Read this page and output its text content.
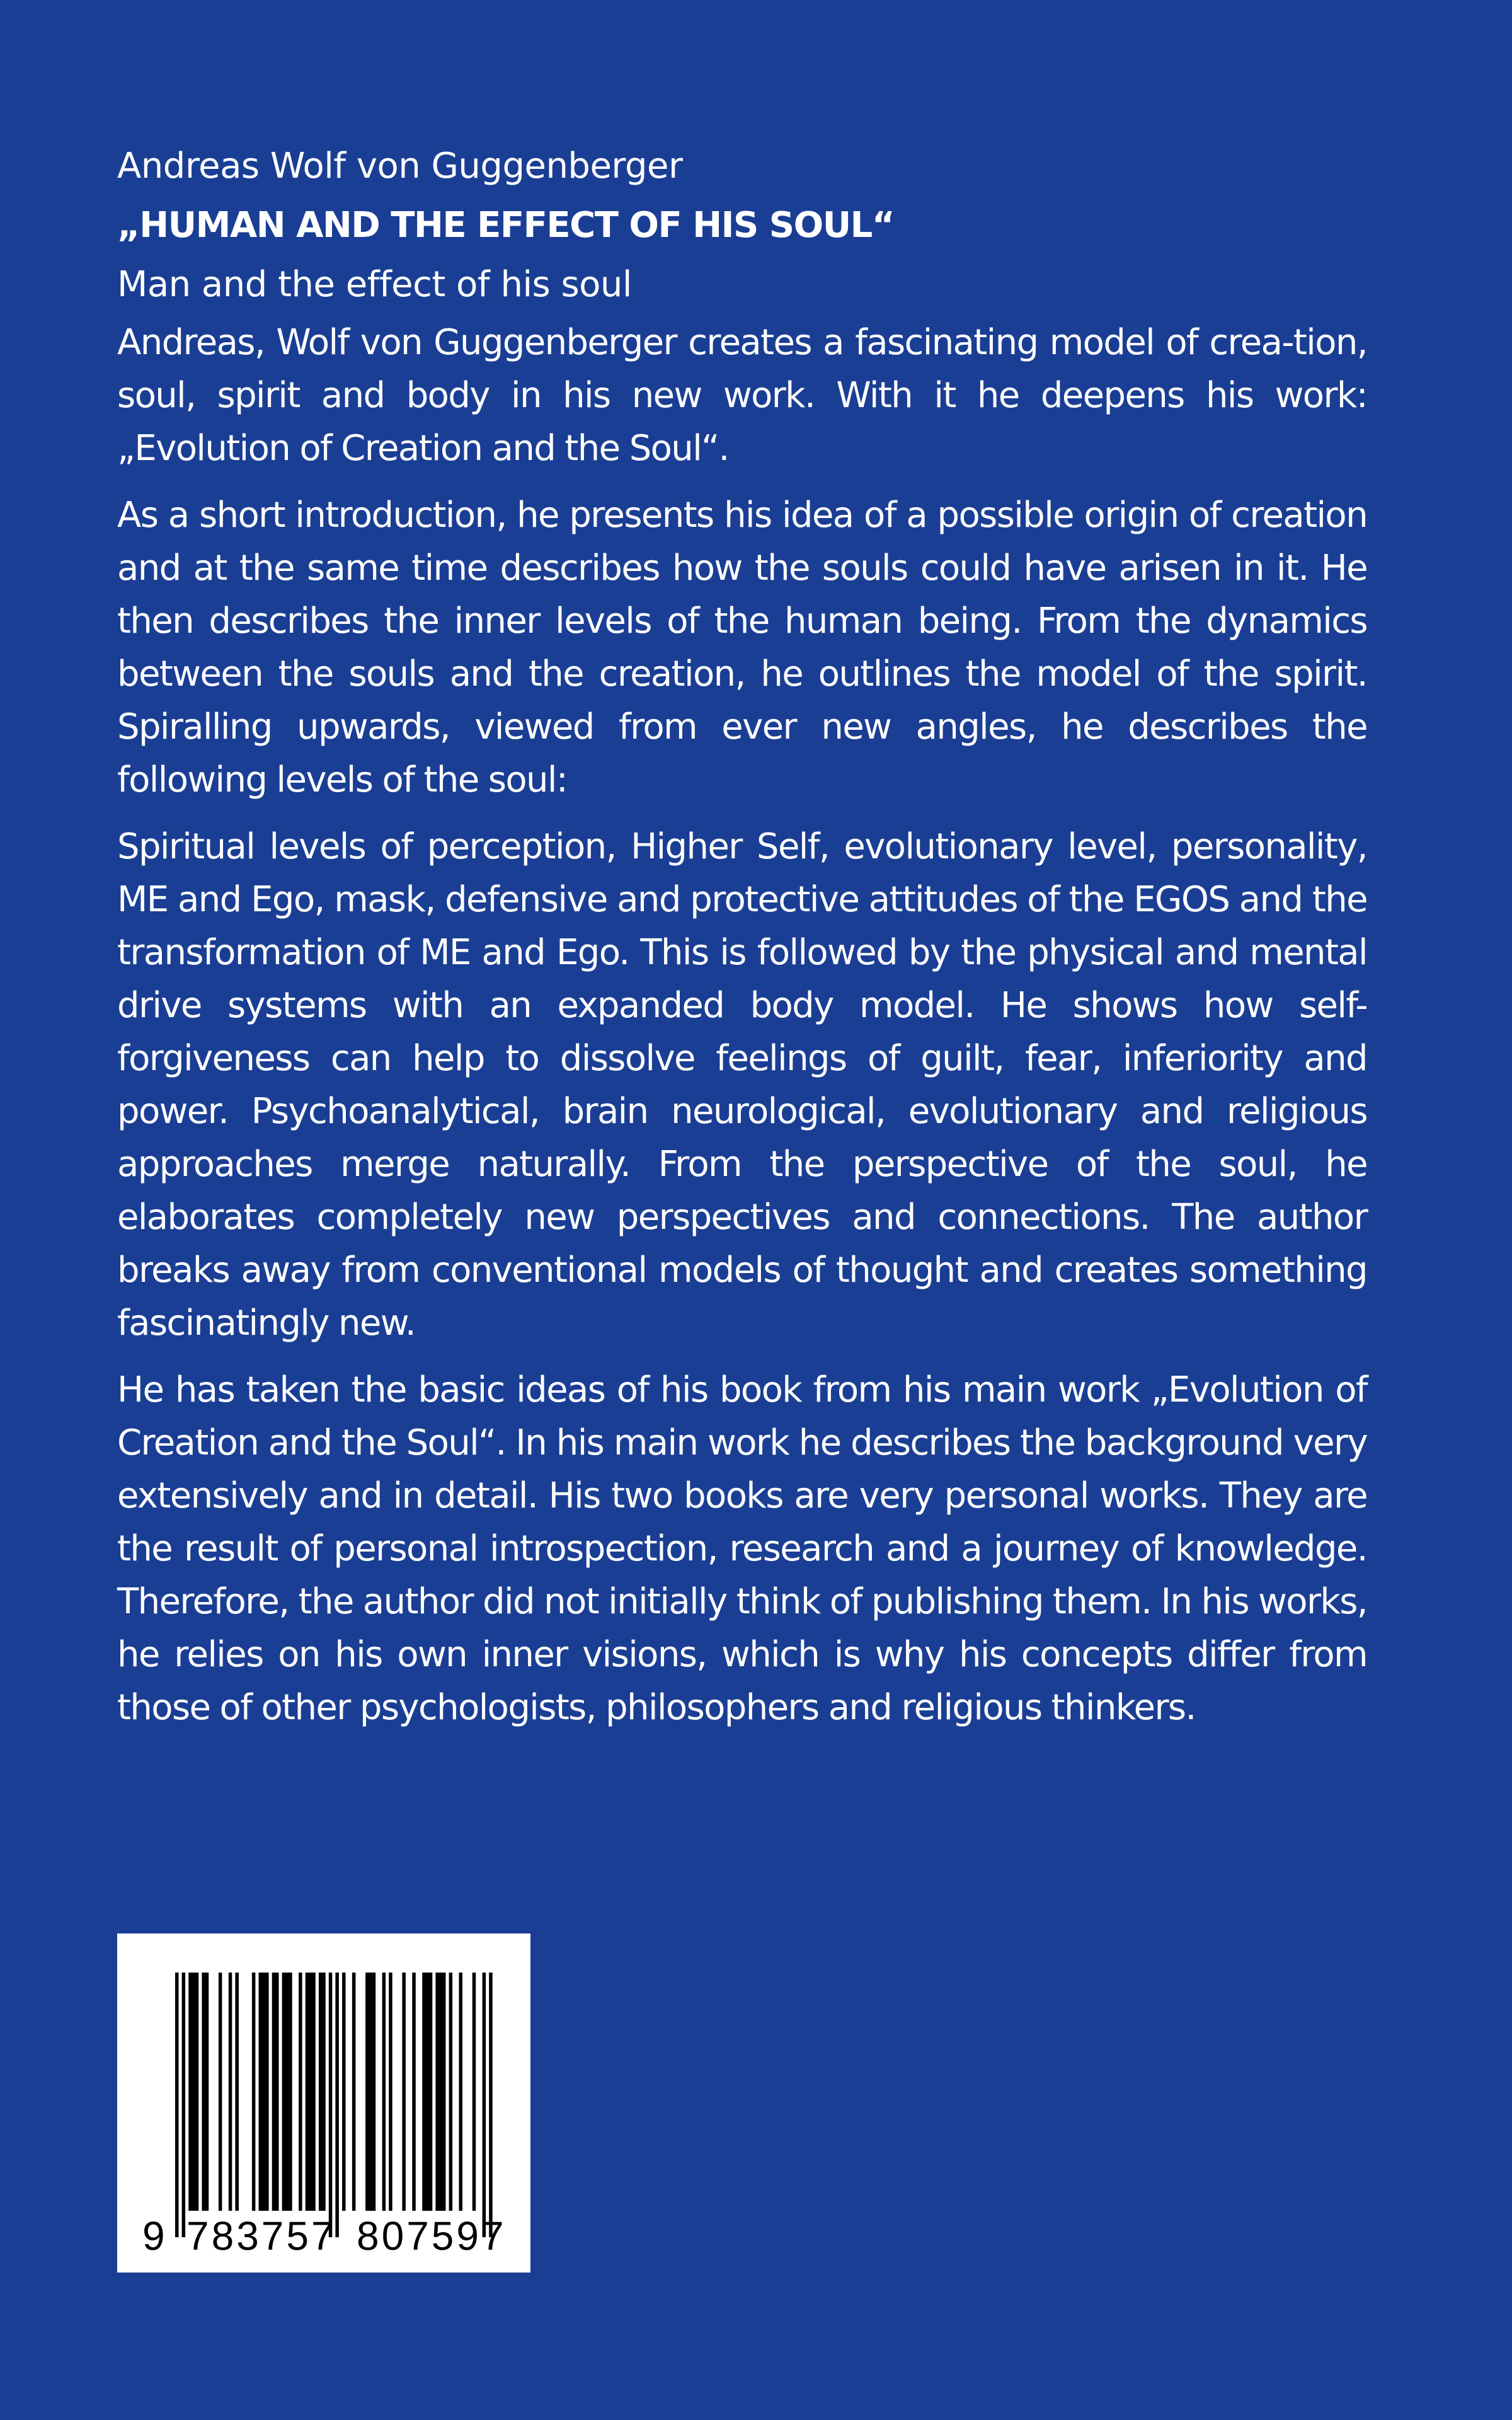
Andreas Wolf von Guggenberger
„HUMAN AND THE EFFECT OF HIS SOUL“
Man and the effect of his soul

Andreas, Wolf von Guggenberger creates a fascinating model of crea-tion, soul, spirit and body in his new work. With it he deepens his work: „Evolution of Creation and the Soul“.

As a short introduction, he presents his idea of a possible origin of creation and at the same time describes how the souls could have arisen in it. He then describes the inner levels of the human being. From the dynamics between the souls and the creation, he outlines the model of the spirit. Spiralling upwards, viewed from ever new angles, he describes the following levels of the soul:

Spiritual levels of perception, Higher Self, evolutionary level, personality, ME and Ego, mask, defensive and protective attitudes of the EGOS and the transformation of ME and Ego. This is followed by the physical and mental drive systems with an expanded body model. He shows how self-forgiveness can help to dissolve feelings of guilt, fear, inferiority and power. Psychoanalytical, brain neurological, evolutionary and religious approaches merge naturally. From the perspective of the soul, he elaborates completely new perspectives and connections. The author breaks away from conventional models of thought and creates something fascinatingly new.

He has taken the basic ideas of his book from his main work „Evolution of Creation and the Soul“. In his main work he describes the background very extensively and in detail. His two books are very personal works. They are the result of personal introspection, research and a journey of knowledge. Therefore, the author did not initially think of publishing them. In his works, he relies on his own inner visions, which is why his concepts differ from those of other psychologists, philosophers and religious thinkers.

9 783757 807597
